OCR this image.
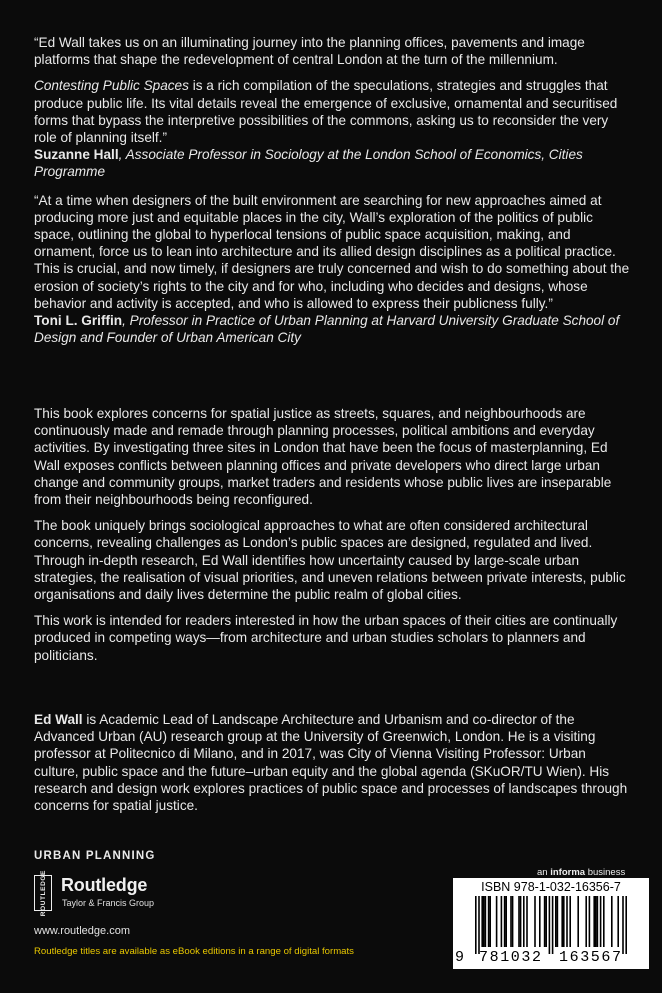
“Ed Wall takes us on an illuminating journey into the planning offices, pavements and image platforms that shape the redevelopment of central London at the turn of the millennium.

Contesting Public Spaces is a rich compilation of the speculations, strategies and struggles that produce public life. Its vital details reveal the emergence of exclusive, ornamental and securitised forms that bypass the interpretive possibilities of the commons, asking us to reconsider the very role of planning itself.”

Suzanne Hall, Associate Professor in Sociology at the London School of Economics, Cities Programme

“At a time when designers of the built environment are searching for new approaches aimed at producing more just and equitable places in the city, Wall’s exploration of the politics of public space, outlining the global to hyperlocal tensions of public space acquisition, making, and ornament, force us to lean into architecture and its allied design disciplines as a political practice. This is crucial, and now timely, if designers are truly concerned and wish to do something about the erosion of society’s rights to the city and for who, including who decides and designs, whose behavior and activity is accepted, and who is allowed to express their publicness fully.”

Toni L. Griffin, Professor in Practice of Urban Planning at Harvard University Graduate School of Design and Founder of Urban American City

This book explores concerns for spatial justice as streets, squares, and neighbourhoods are continuously made and remade through planning processes, political ambitions and everyday activities. By investigating three sites in London that have been the focus of masterplanning, Ed Wall exposes conflicts between planning offices and private developers who direct large urban change and community groups, market traders and residents whose public lives are inseparable from their neighbourhoods being reconfigured.

The book uniquely brings sociological approaches to what are often considered architectural concerns, revealing challenges as London’s public spaces are designed, regulated and lived. Through in-depth research, Ed Wall identifies how uncertainty caused by large-scale urban strategies, the realisation of visual priorities, and uneven relations between private interests, public organisations and daily lives determine the public realm of global cities.

This work is intended for readers interested in how the urban spaces of their cities are continually produced in competing ways—from architecture and urban studies scholars to planners and politicians.

Ed Wall is Academic Lead of Landscape Architecture and Urbanism and co-director of the Advanced Urban (AU) research group at the University of Greenwich, London. He is a visiting professor at Politecnico di Milano, and in 2017, was City of Vienna Visiting Professor: Urban culture, public space and the future–urban equity and the global agenda (SKuOR/TU Wien). His research and design work explores practices of public space and processes of landscapes through concerns for spatial justice.

URBAN PLANNING
ROUTLEDGE Routledge
Taylor & Francis Group
www.routledge.com
Routledge titles are available as eBook editions in a range of digital formats
an informa business
ISBN 978-1-032-16356-7
9 781032 163567
